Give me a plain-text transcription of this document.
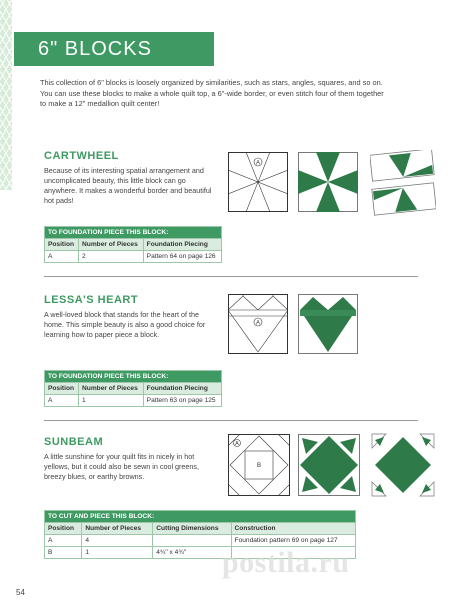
6" BLOCKS
This collection of 6" blocks is loosely organized by similarities, such as stars, angles, squares, and so on. You can use these blocks to make a whole quilt top, a 6"-wide border, or even stitch four of them together to make a 12" medallion quilt center!
CARTWHEEL
Because of its interesting spatial arrangement and uncomplicated beauty, this little block can go anywhere. It makes a wonderful border and beautiful hot pads!
A
TO FOUNDATION PIECE THIS BLOCK:		
Position	Number of Pieces	Foundation Piecing
A	2	Pattern 64 on page 126
LESSA'S HEART
A well-loved block that stands for the heart of the home. This simple beauty is also a good choice for learning how to paper piece a block.
A
TO FOUNDATION PIECE THIS BLOCK:		
Position	Number of Pieces	Foundation Piecing
A	1	Pattern 63 on page 125
SUNBEAM
A little sunshine for your quilt fits in nicely in hot yellows, but it could also be sewn in cool greens, breezy blues, or earthy browns.
A
B
TO CUT AND PIECE THIS BLOCK:			
Position	Number of Pieces	Cutting Dimensions	Construction
A	4		Foundation pattern 69 on page 127
B	1	4¾" x 4¾"	postila.ru
54
